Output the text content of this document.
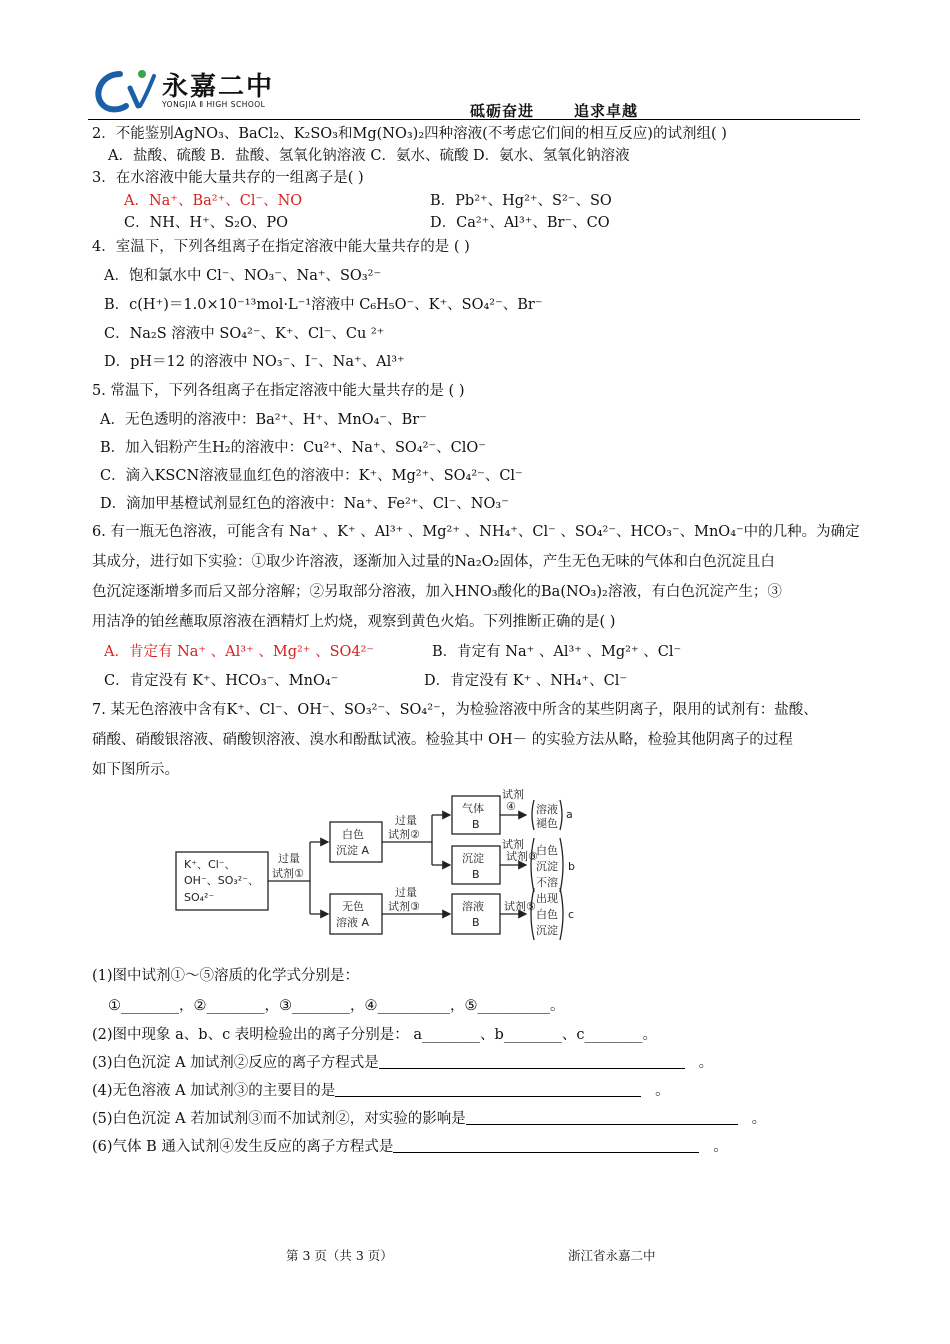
永嘉二中
YONGJIA Ⅱ HIGH SCHOOL	砥砺奋进	追求卓越
2．不能鉴别AgNO₃、BaCl₂、K₂SO₃和Mg(NO₃)₂四种溶液(不考虑它们间的相互反应)的试剂组( )
A．盐酸、硫酸 B．盐酸、氢氧化钠溶液 C．氨水、硫酸 D．氨水、氢氧化钠溶液
3．在水溶液中能大量共存的一组离子是( )
A．Na⁺、Ba²⁺、Cl⁻、NO	B．Pb²⁺、Hg²⁺、S²⁻、SO
C．NH、H⁺、S₂O、PO	D．Ca²⁺、Al³⁺、Br⁻、CO
4．室温下，下列各组离子在指定溶液中能大量共存的是 ( )
A．饱和氯水中 Cl⁻、NO₃⁻、Na⁺、SO₃²⁻
B．c(H⁺)＝1.0×10⁻¹³mol·L⁻¹溶液中 C₆H₅O⁻、K⁺、SO₄²⁻、Br⁻
C．Na₂S 溶液中 SO₄²⁻、K⁺、Cl⁻、Cu ²⁺
D．pH＝12 的溶液中 NO₃⁻、I⁻、Na⁺、Al³⁺
5. 常温下，下列各组离子在指定溶液中能大量共存的是 ( )
A．无色透明的溶液中：Ba²⁺、H⁺、MnO₄⁻、Br⁻
B．加入铝粉产生H₂的溶液中：Cu²⁺、Na⁺、SO₄²⁻、ClO⁻
C．滴入KSCN溶液显血红色的溶液中：K⁺、Mg²⁺、SO₄²⁻、Cl⁻
D．滴加甲基橙试剂显红色的溶液中：Na⁺、Fe²⁺、Cl⁻、NO₃⁻
6. 有一瓶无色溶液，可能含有 Na⁺ 、K⁺ 、Al³⁺ 、Mg²⁺ 、NH₄⁺、Cl⁻ 、SO₄²⁻、HCO₃⁻、MnO₄⁻中的几种。为确定
其成分，进行如下实验：①取少许溶液，逐渐加入过量的Na₂O₂固体，产生无色无味的气体和白色沉淀且白
色沉淀逐渐增多而后又部分溶解；②另取部分溶液，加入HNO₃酸化的Ba(NO₃)₂溶液，有白色沉淀产生；③
用洁净的铂丝蘸取原溶液在酒精灯上灼烧，观察到黄色火焰。下列推断正确的是( )
A．肯定有 Na⁺ 、Al³⁺ 、Mg²⁺ 、SO4²⁻	B．肯定有 Na⁺ 、Al³⁺ 、Mg²⁺ 、Cl⁻
C．肯定没有 K⁺、HCO₃⁻、MnO₄⁻	D．肯定没有 K⁺ 、NH₄⁺、Cl⁻
7. 某无色溶液中含有K⁺、Cl⁻、OH⁻、SO₃²⁻、SO₄²⁻，为检验溶液中所含的某些阴离子，限用的试剂有：盐酸、
硝酸、硝酸银溶液、硝酸钡溶液、溴水和酚酞试液。检验其中 OH－ 的实验方法从略，检验其他阴离子的过程
如下图所示。
K⁺、Cl⁻、
OH⁻、SO₃²⁻、
SO₄²⁻
过量
试剂①
白色
沉淀 A
无色
溶液 A
过量
试剂②
过量
试剂③
气体
B
沉淀
B
溶液
B
试剂
④
试剂
试剂③
试剂⑤
溶液
褪色
白色
沉淀
不溶
出现
白色
沉淀
a
b
c
(1)图中试剂①～⑤溶质的化学式分别是：
①________，②________，③________，④__________，⑤__________。
(2)图中现象 a、b、c 表明检验出的离子分别是： a________、b________、c________。
(3)白色沉淀 A 加试剂②反应的离子方程式是	。
(4)无色溶液 A 加试剂③的主要目的是	。
(5)白色沉淀 A 若加试剂③而不加试剂②，对实验的影响是	。
(6)气体 B 通入试剂④发生反应的离子方程式是	。
第 3 页（共 3 页）	浙江省永嘉二中
